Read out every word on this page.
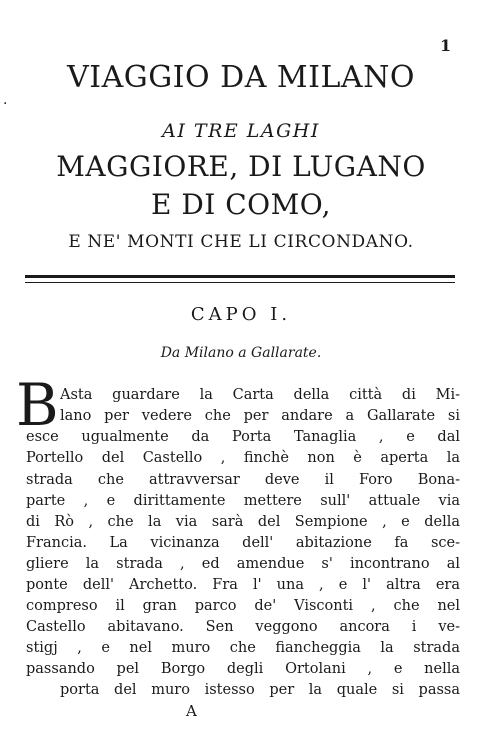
1
·
VIAGGIO DA MILANO
AI TRE LAGHI
MAGGIORE, DI LUGANO
E DI COMO,
E NE' MONTI CHE LI CIRCONDANO.
CAPO I.
Da Milano a Gallarate.
B Asta guardare la Carta della città di Mi-
lano per vedere che per andare a Gallarate si
esce ugualmente da Porta Tanaglia , e dal
Portello del Castello , finchè non è aperta la
strada che attravversar deve il Foro Bona-
parte , e dirittamente mettere sull' attuale via
di Rò , che la via sarà del Sempione , e della
Francia. La vicinanza dell' abitazione fa sce-
gliere la strada , ed amendue s' incontrano al
ponte dell' Archetto. Fra l' una , e l' altra era
compreso il gran parco de' Visconti , che nel
Castello abitavano. Sen veggono ancora i ve-
stigj , e nel muro che fiancheggia la strada
passando pel Borgo degli Ortolani , e nella
porta del muro istesso per la quale si passa
A
